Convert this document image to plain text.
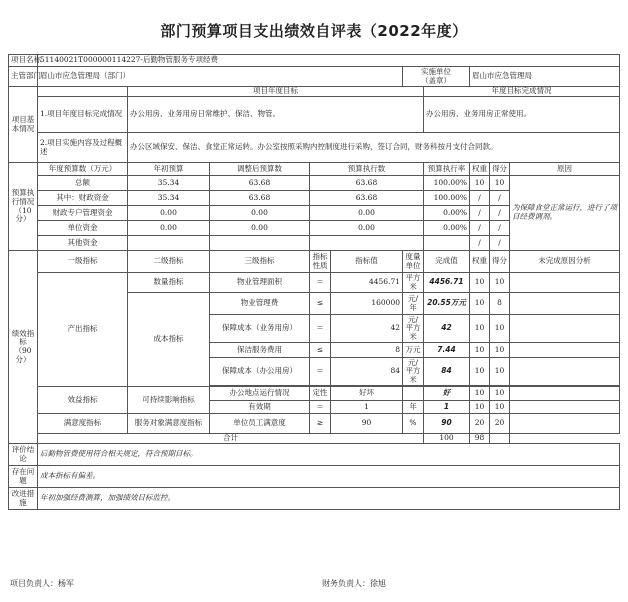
部门预算项目支出绩效自评表（2022年度）
项目名称	51140021T000000114227-后勤物管服务专项经费									
主管部门	眉山市应急管理局（部门）					实施单位
（盖章）		眉山市应急管理局		
项目基本情况		项目年度目标					年度目标完成情况			
	1.项目年度目标完成情况	办公用房、业务用房日常维护、保洁、物管。					办公用房、业务用房正常使用。			
	2.项目实施内容及过程概述	办公区域保安、保洁、食堂正常运转。办公室按照采购内控制度进行采购，签订合同，财务科按月支付合同款。								
预算执行情况（10分）	年度预算数（万元）	年初预算	调整后预算数	预算执行数			预算执行率	权重	得分	原因
	总额	35.34	63.68	63.68			100.00%	10	10	为保障食堂正常运行，进行了项目经费调剂。
	其中：财政资金	35.34	63.68	63.68			100.00%	/	/	
	财政专户管理资金	0.00	0.00	0.00			0.00%	/	/	
	单位资金	0.00	0.00	0.00			0.00%	/	/	
	其他资金							/	/	
绩效指标（90分）	一级指标	二级指标	三级指标	指标性质	指标值	度量单位	完成值	权重	得分	未完成原因分析
	产出指标	数量指标	物业管理面积	＝	4456.71	平方米	4456.71	10	10	
		成本指标	物业管理费	≤	160000	元/年	20.55万元	10	8	
			保障成本（业务用房）	＝	42	元/平方米	42	10	10	
			保洁服务费用	≤	8	万元	7.44	10	10	
			保障成本（办公用房）	＝	84	元/平方米	84	10	10	

	效益指标	可持续影响指标	办公地点运行情况	定性	好坏		好	10	10	
			有效期	＝	1	年	1	10	10	
	满意度指标	服务对象满意度指标	单位员工满意度	≥	90	%	90	20	20	
	合计						100	98		
评价结论	后勤物管费使用符合相关规定，符合预期目标。									
存在问题	成本指标有偏差。									
改进措施	年初加强经费测算，加强绩效目标监控。									
项目负责人：杨军	财务负责人：徐旭
